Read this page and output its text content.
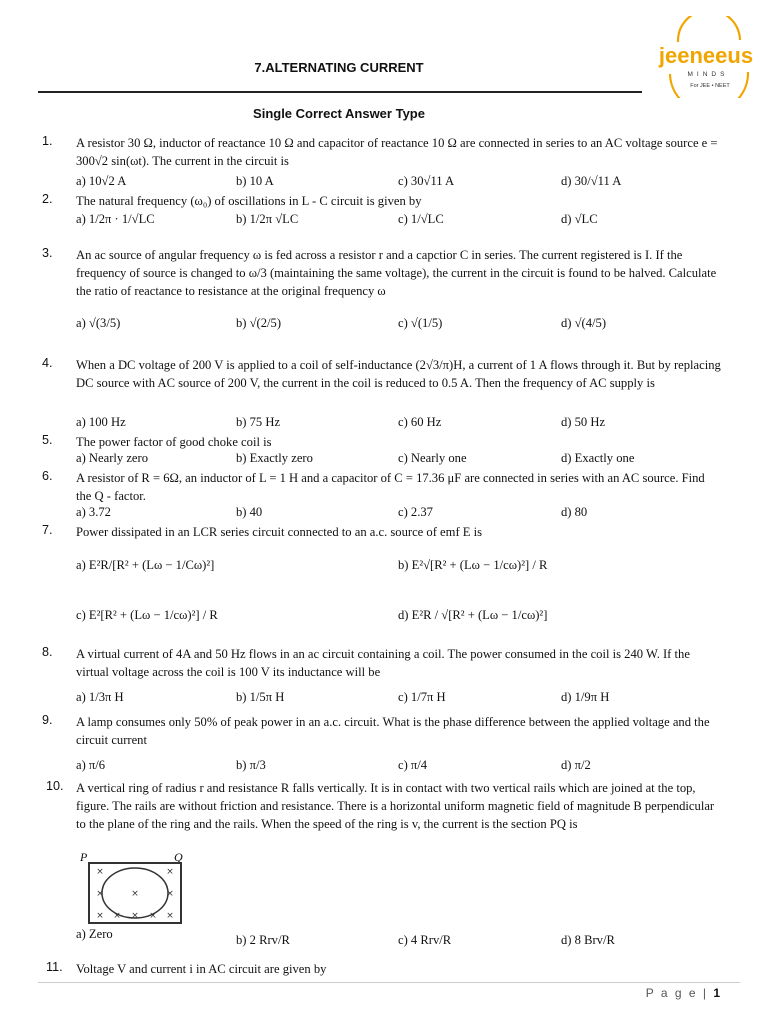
7.ALTERNATING CURRENT
Single Correct Answer Type
jeeneeus
MINDS
For JEE • NEET
1.	A resistor 30 Ω, inductor of reactance 10 Ω and capacitor of reactance 10 Ω are connected in series to an AC voltage source e = 300√2 sin(ωt). The current in the circuit is
a) 10√2 A	b) 10 A	c) 30√11 A	d) 30/√11 A
2.	The natural frequency (ω₀) of oscillations in L - C circuit is given by
a) 1/2π · 1/√LC	b) 1/2π √LC	c) 1/√LC	d) √LC
3.	An ac source of angular frequency ω is fed across a resistor r and a capctior C in series. The current registered is I. If the frequency of source is changed to ω/3 (maintaining the same voltage), the current in the circuit is found to be halved. Calculate the ratio of reactance to resistance at the original frequency ω
a) √(3/5)	b) √(2/5)	c) √(1/5)	d) √(4/5)
4.	When a DC voltage of 200 V is applied to a coil of self-inductance (2√3/π)H, a current of 1 A flows through it. But by replacing DC source with AC source of 200 V, the current in the coil is reduced to 0.5 A. Then the frequency of AC supply is
a) 100 Hz	b) 75 Hz	c) 60 Hz	d) 50 Hz
5.	The power factor of good choke coil is
a) Nearly zero	b) Exactly zero	c) Nearly one	d) Exactly one
6.	A resistor of R = 6Ω, an inductor of L = 1 H and a capacitor of C = 17.36 μF are connected in series with an AC source. Find the Q - factor.
a) 3.72	b) 40	c) 2.37	d) 80
7.	Power dissipated in an LCR series circuit connected to an a.c. source of emf E is
a) E²R/[R² + (Lω − 1/Cω)²]	b) E²√[R² + (Lω − 1/cω)²] / R
c) E²[R² + (Lω − 1/cω)²] / R	d) E²R / √[R² + (Lω − 1/cω)²]
8.	A virtual current of 4A and 50 Hz flows in an ac circuit containing a coil. The power consumed in the coil is 240 W. If the virtual voltage across the coil is 100 V its inductance will be
a) 1/3π H	b) 1/5π H	c) 1/7π H	d) 1/9π H
9.	A lamp consumes only 50% of peak power in an a.c. circuit. What is the phase difference between the applied voltage and the circuit current
a) π/6	b) π/3	c) π/4	d) π/2
10. A vertical ring of radius r and resistance R falls vertically. It is in contact with two vertical rails which are joined at the top, figure. The rails are without friction and resistance. There is a horizontal uniform magnetic field of magnitude B perpendicular to the plane of the ring and the rails. When the speed of the ring is v, the current is the section PQ is
P	Q
×	×
×	×
×	×
×
×
×	×
a) Zero	b) 2 Rrv/R	c) 4 Rrv/R	d) 8 Brv/R
11.	Voltage V and current i in AC circuit are given by
P a g e | 1
